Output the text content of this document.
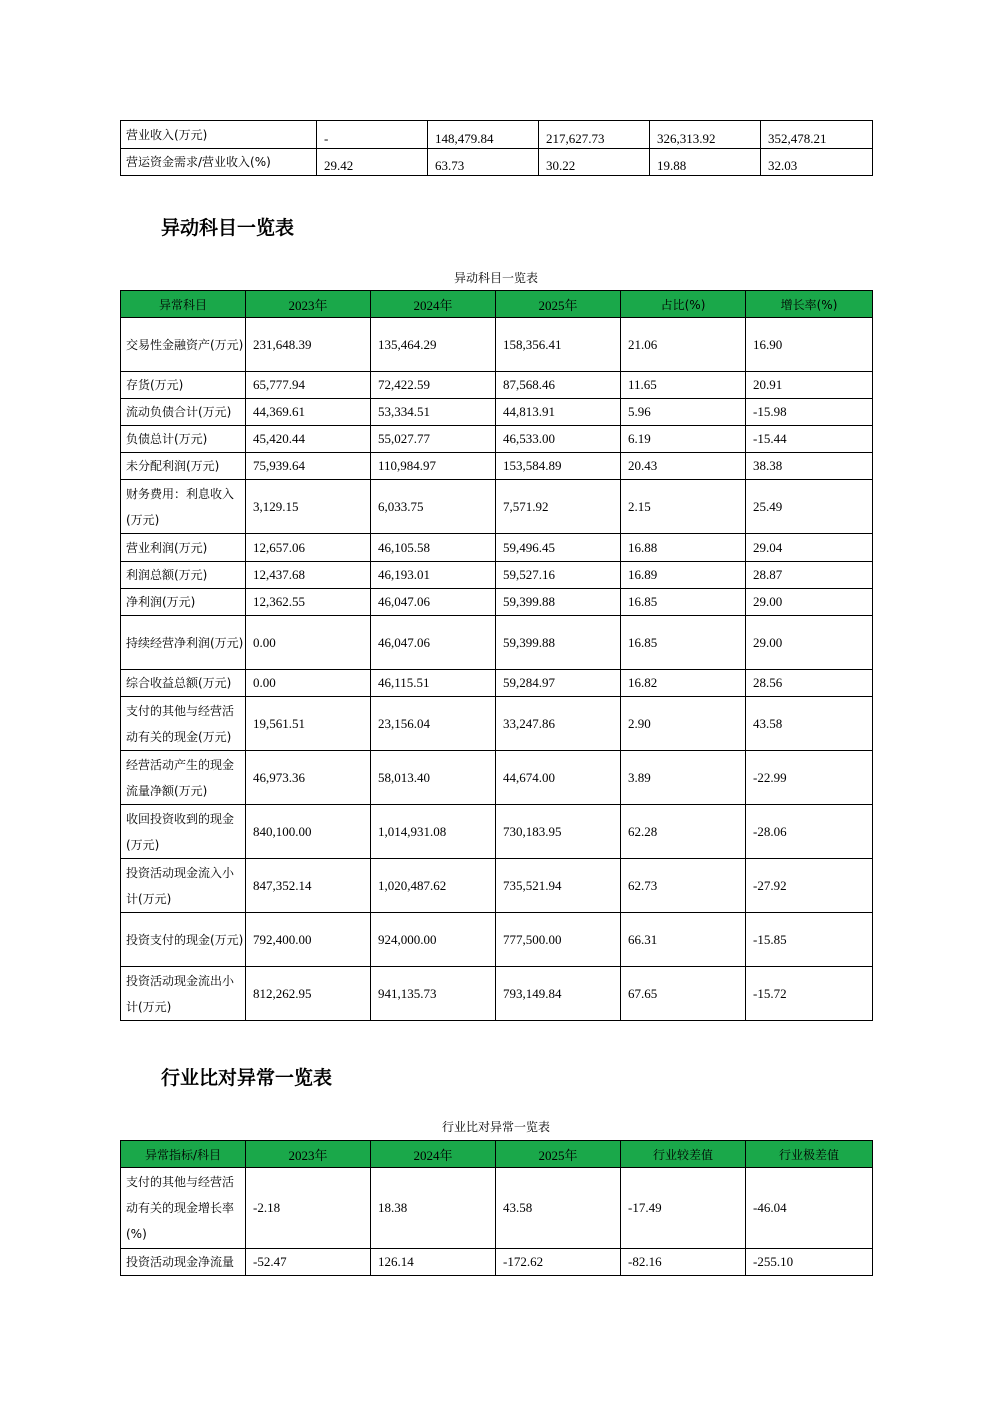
营业收入(万元)	-	148,479.84	217,627.73	326,313.92	352,478.21
营运资金需求/营业收入(%)	29.42	63.73	30.22	19.88	32.03
异动科目一览表
异动科目一览表
异常科目	2023年	2024年	2025年	占比(%)	增长率(%)
交易性金融资产(万元)	231,648.39	135,464.29	158,356.41	21.06	16.90
存货(万元)	65,777.94	72,422.59	87,568.46	11.65	20.91
流动负债合计(万元)	44,369.61	53,334.51	44,813.91	5.96	-15.98
负债总计(万元)	45,420.44	55,027.77	46,533.00	6.19	-15.44
未分配利润(万元)	75,939.64	110,984.97	153,584.89	20.43	38.38
财务费用：利息收入(万元)	3,129.15	6,033.75	7,571.92	2.15	25.49
营业利润(万元)	12,657.06	46,105.58	59,496.45	16.88	29.04
利润总额(万元)	12,437.68	46,193.01	59,527.16	16.89	28.87
净利润(万元)	12,362.55	46,047.06	59,399.88	16.85	29.00
持续经营净利润(万元)	0.00	46,047.06	59,399.88	16.85	29.00
综合收益总额(万元)	0.00	46,115.51	59,284.97	16.82	28.56
支付的其他与经营活动有关的现金(万元)	19,561.51	23,156.04	33,247.86	2.90	43.58
经营活动产生的现金流量净额(万元)	46,973.36	58,013.40	44,674.00	3.89	-22.99
收回投资收到的现金(万元)	840,100.00	1,014,931.08	730,183.95	62.28	-28.06
投资活动现金流入小计(万元)	847,352.14	1,020,487.62	735,521.94	62.73	-27.92
投资支付的现金(万元)	792,400.00	924,000.00	777,500.00	66.31	-15.85
投资活动现金流出小计(万元)	812,262.95	941,135.73	793,149.84	67.65	-15.72
行业比对异常一览表
行业比对异常一览表
异常指标/科目	2023年	2024年	2025年	行业较差值	行业极差值
支付的其他与经营活动有关的现金增长率(%)	-2.18	18.38	43.58	-17.49	-46.04
投资活动现金净流量	-52.47	126.14	-172.62	-82.16	-255.10
